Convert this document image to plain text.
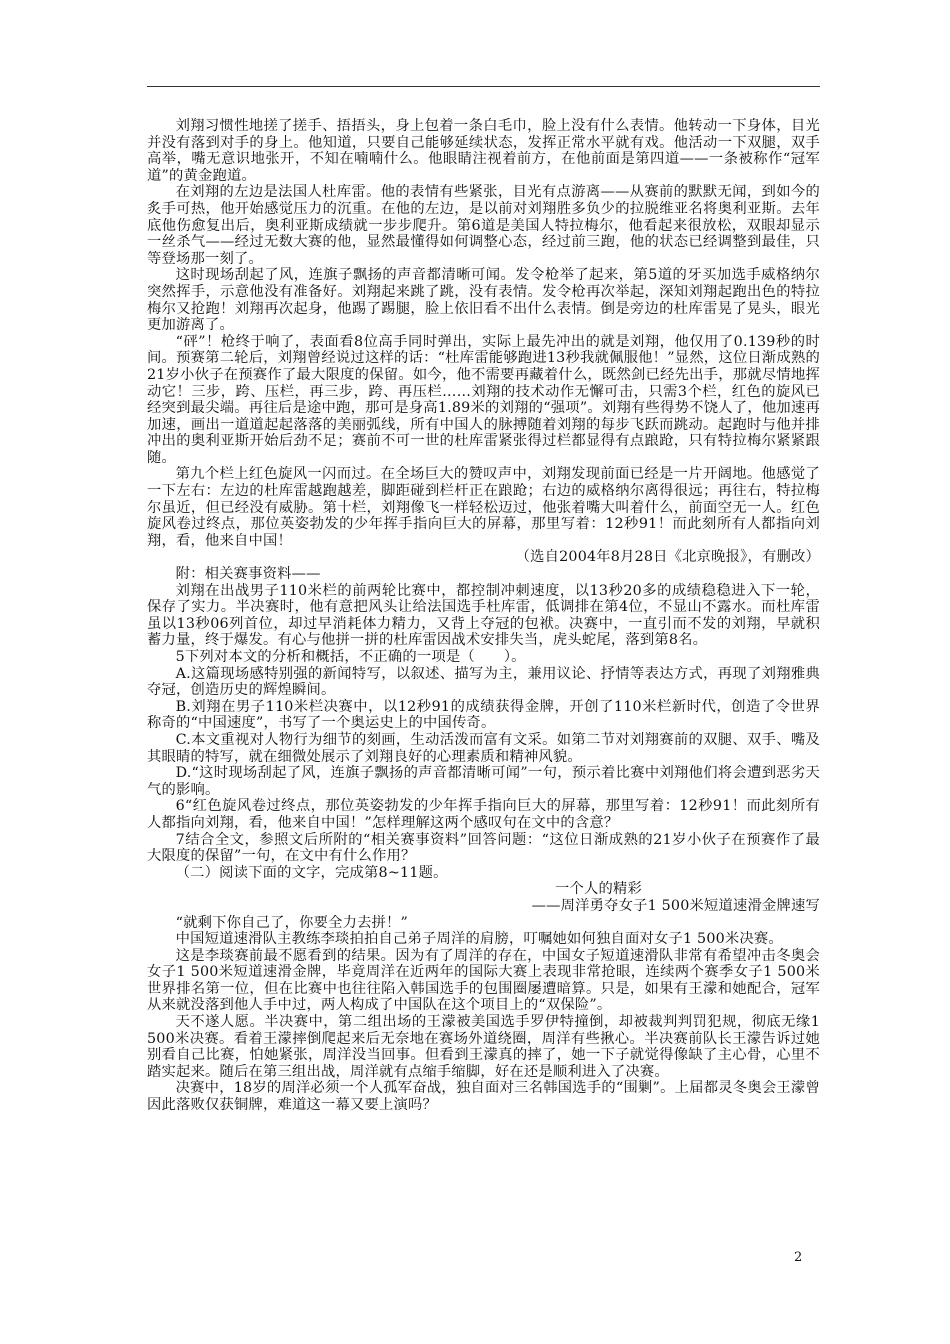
刘翔习惯性地搓了搓手、捂捂头，身上包着一条白毛巾，脸上没有什么表情。他转动一下身体，目光并没有落到对手的身上。他知道，只要自己能够延续状态，发挥正常水平就有戏。他活动一下双腿，双手高举，嘴无意识地张开，不知在喃喃什么。他眼睛注视着前方，在他前面是第四道——一条被称作“冠军道”的黄金跑道。

在刘翔的左边是法国人杜库雷。他的表情有些紧张，目光有点游离——从赛前的默默无闻，到如今的炙手可热，他开始感觉压力的沉重。在他的左边，是以前对刘翔胜多负少的拉脱维亚名将奥利亚斯。去年底他伤愈复出后，奥利亚斯成绩就一步步爬升。第6道是美国人特拉梅尔，他看起来很放松，双眼却显示一丝杀气——经过无数大赛的他，显然最懂得如何调整心态，经过前三跑，他的状态已经调整到最佳，只等登场那一刻了。

这时现场刮起了风，连旗子飘扬的声音都清晰可闻。发令枪举了起来，第5道的牙买加选手威格纳尔突然挥手，示意他没有准备好。刘翔起来跳了跳，没有表情。发令枪再次举起，深知刘翔起跑出色的特拉梅尔又抢跑！刘翔再次起身，他踢了踢腿，脸上依旧看不出什么表情。倒是旁边的杜库雷晃了晃头，眼光更加游离了。

“砰”！枪终于响了，表面看8位高手同时弹出，实际上最先冲出的就是刘翔，他仅用了0.139秒的时间。预赛第二轮后，刘翔曾经说过这样的话：“杜库雷能够跑进13秒我就佩服他！”显然，这位日渐成熟的21岁小伙子在预赛作了最大限度的保留。如今，他不需要再藏着什么，既然剑已经先出手，那就尽情地挥动它！三步，跨、压栏，再三步，跨、再压栏……刘翔的技术动作无懈可击，只需3个栏，红色的旋风已经突到最尖端。再往后是途中跑，那可是身高1.89米的刘翔的“强项”。刘翔有些得势不饶人了，他加速再加速，画出一道道起起落落的美丽弧线，所有中国人的脉搏随着刘翔的每步飞跃而跳动。起跑时与他并排冲出的奥利亚斯开始后劲不足；赛前不可一世的杜库雷紧张得过栏都显得有点踉跄，只有特拉梅尔紧紧跟随。

第九个栏上红色旋风一闪而过。在全场巨大的赞叹声中，刘翔发现前面已经是一片开阔地。他感觉了一下左右：左边的杜库雷越跑越差，脚距碰到栏杆正在踉跄；右边的威格纳尔离得很远；再往右，特拉梅尔虽近，但已经没有威胁。第十栏，刘翔像飞一样轻松迈过，他张着嘴大叫着什么，前面空无一人。红色旋风卷过终点，那位英姿勃发的少年挥手指向巨大的屏幕，那里写着：12秒91！而此刻所有人都指向刘翔，看，他来自中国！

（选自2004年8月28日《北京晚报》，有删改）

附：相关赛事资料——

刘翔在出战男子110米栏的前两轮比赛中，都控制冲刺速度，以13秒20多的成绩稳稳进入下一轮，保存了实力。半决赛时，他有意把风头让给法国选手杜库雷，低调排在第4位，不显山不露水。而杜库雷虽以13秒06列首位，却过早消耗体力精力，又背上夺冠的包袱。决赛中，一直引而不发的刘翔，早就积蓄力量，终于爆发。有心与他拼一拼的杜库雷因战术安排失当，虎头蛇尾，落到第8名。

5下列对本文的分析和概括，不正确的一项是（　　）。

A.这篇现场感特别强的新闻特写，以叙述、描写为主，兼用议论、抒情等表达方式，再现了刘翔雅典夺冠，创造历史的辉煌瞬间。

B.刘翔在男子110米栏决赛中，以12秒91的成绩获得金牌，开创了110米栏新时代，创造了令世界称奇的“中国速度”，书写了一个奥运史上的中国传奇。

C.本文重视对人物行为细节的刻画，生动活泼而富有文采。如第二节对刘翔赛前的双腿、双手、嘴及其眼睛的特写，就在细微处展示了刘翔良好的心理素质和精神风貌。

D.“这时现场刮起了风，连旗子飘扬的声音都清晰可闻”一句，预示着比赛中刘翔他们将会遭到恶劣天气的影响。

6“红色旋风卷过终点，那位英姿勃发的少年挥手指向巨大的屏幕，那里写着：12秒91！而此刻所有人都指向刘翔，看，他来自中国！”怎样理解这两个感叹句在文中的含意？

7结合全文，参照文后所附的“相关赛事资料”回答问题：“这位日渐成熟的21岁小伙子在预赛作了最大限度的保留”一句，在文中有什么作用？

（二）阅读下面的文字，完成第8~11题。

一个人的精彩

——周洋勇夺女子1 500米短道速滑金牌速写

“就剩下你自己了，你要全力去拼！”

中国短道速滑队主教练李琰拍拍自己弟子周洋的肩膀，叮嘱她如何独自面对女子1 500米决赛。

这是李琰赛前最不愿看到的结果。因为有了周洋的存在，中国女子短道速滑队非常有希望冲击冬奥会女子1 500米短道速滑金牌，毕竟周洋在近两年的国际大赛上表现非常抢眼，连续两个赛季女子1 500米世界排名第一位，但在比赛中也往往陷入韩国选手的包围圈屡遭暗算。只是，如果有王濛和她配合，冠军从来就没落到他人手中过，两人构成了中国队在这个项目上的“双保险”。

天不遂人愿。半决赛中，第二组出场的王濛被美国选手罗伊特撞倒，却被裁判判罚犯规，彻底无缘1 500米决赛。看着王濛摔倒爬起来后无奈地在赛场外道绕圈，周洋有些揪心。半决赛前队长王濛告诉过她别看自己比赛，怕她紧张，周洋没当回事。但看到王濛真的摔了，她一下子就觉得像缺了主心骨，心里不踏实起来。随后在第三组出战，周洋就有点缩手缩脚，好在还是顺利进入了决赛。

决赛中，18岁的周洋必须一个人孤军奋战，独自面对三名韩国选手的“围剿”。上届都灵冬奥会王濛曾因此落败仅获铜牌，难道这一幕又要上演吗？

2
